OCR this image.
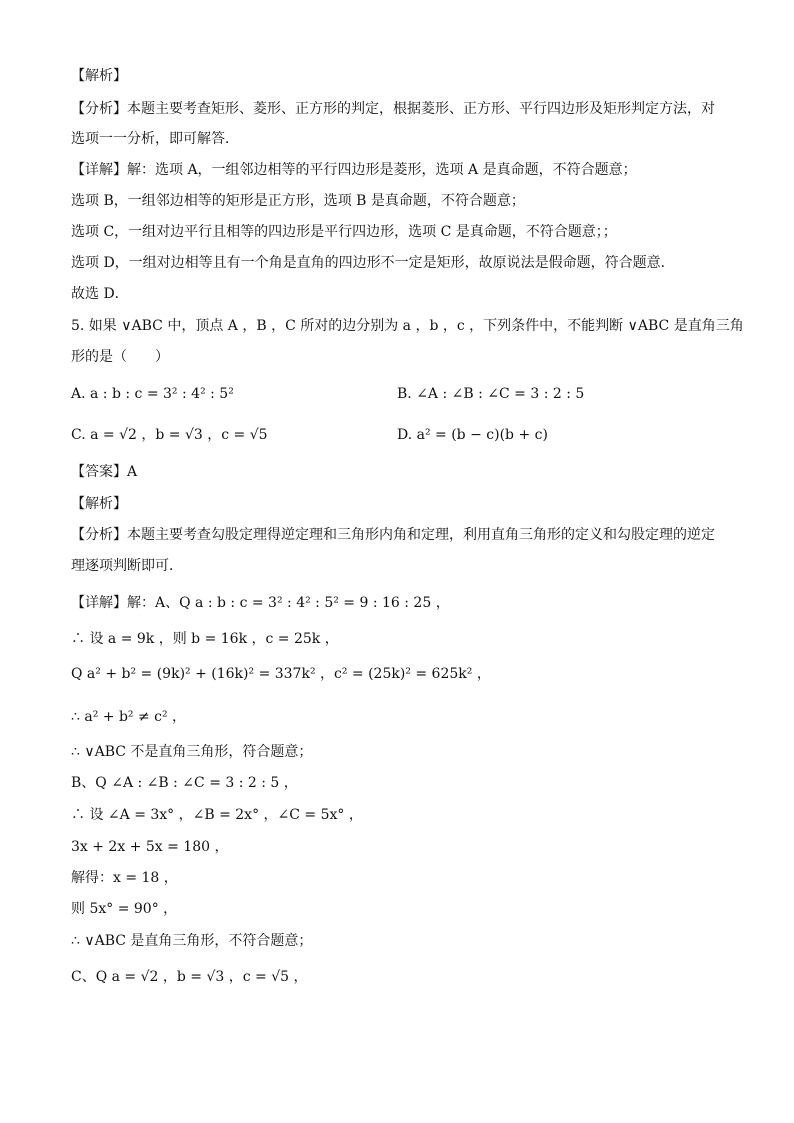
【解析】
【分析】本题主要考查矩形、菱形、正方形的判定，根据菱形、正方形、平行四边形及矩形判定方法，对
选项一一分析，即可解答．
【详解】解：选项 A，一组邻边相等的平行四边形是菱形，选项 A 是真命题，不符合题意；
选项 B，一组邻边相等的矩形是正方形，选项 B 是真命题，不符合题意；
选项 C，一组对边平行且相等的四边形是平行四边形，选项 C 是真命题，不符合题意；；
选项 D，一组对边相等且有一个角是直角的四边形不一定是矩形，故原说法是假命题，符合题意．
故选 D．
5. 如果 ∨ABC 中，顶点 A ，B ，C 所对的边分别为 a ，b ，c ，下列条件中，不能判断 ∨ABC 是直角三角
形的是（　　）
A. a : b : c = 3² : 4² : 5²	B. ∠A : ∠B : ∠C = 3 : 2 : 5
C. a = √2 ，b = √3 ，c = √5	D. a² = (b − c)(b + c)
【答案】A
【解析】
【分析】本题主要考查勾股定理得逆定理和三角形内角和定理，利用直角三角形的定义和勾股定理的逆定
理逐项判断即可．
【详解】解：A、Q a : b : c = 3² : 4² : 5² = 9 : 16 : 25 ，
∴ 设 a = 9k ，则 b = 16k ，c = 25k ，
Q a² + b² = (9k)² + (16k)² = 337k² ，c² = (25k)² = 625k² ，
∴ a² + b² ≠ c² ，
∴ ∨ABC 不是直角三角形，符合题意；
B、Q ∠A : ∠B : ∠C = 3 : 2 : 5 ，
∴ 设 ∠A = 3x° ，∠B = 2x° ，∠C = 5x° ，
3x + 2x + 5x = 180 ，
解得：x = 18 ，
则 5x° = 90° ，
∴ ∨ABC 是直角三角形，不符合题意；
C、Q a = √2 ，b = √3 ，c = √5 ，
